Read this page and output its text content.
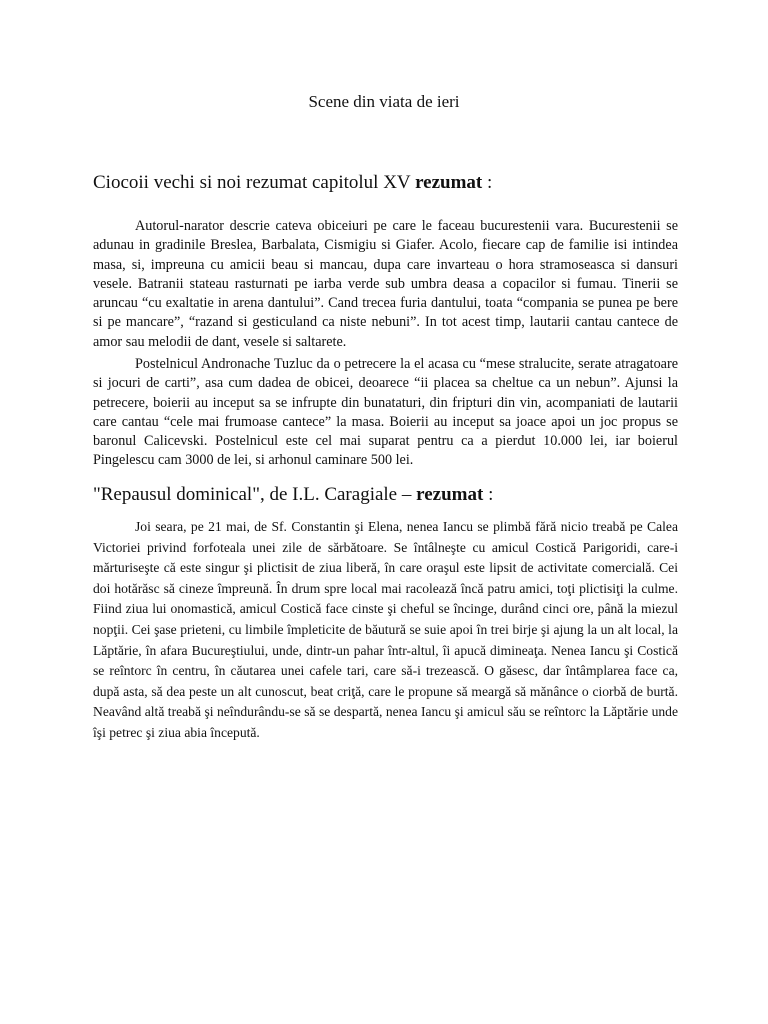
Scene din viata de ieri
Ciocoii vechi si noi rezumat capitolul XV rezumat :

Autorul-narator descrie cateva obiceiuri pe care le faceau bucurestenii vara. Bucurestenii se adunau in gradinile Breslea, Barbalata, Cismigiu si Giafer. Acolo, fiecare cap de familie isi intindea masa, si, impreuna cu amicii beau si mancau, dupa care invarteau o hora stramoseasca si dansuri vesele. Batranii stateau rasturnati pe iarba verde sub umbra deasa a copacilor si fumau. Tinerii se aruncau “cu exaltatie in arena dantului”. Cand trecea furia dantului, toata “compania se punea pe bere si pe mancare”, “razand si gesticuland ca niste nebuni”. In tot acest timp, lautarii cantau cantece de amor sau melodii de dant, vesele si saltarete.

Postelnicul Andronache Tuzluc da o petrecere la el acasa cu “mese stralucite, serate atragatoare si jocuri de carti”, asa cum dadea de obicei, deoarece “ii placea sa cheltue ca un nebun”. Ajunsi la petrecere, boierii au inceput sa se infrupte din bunataturi, din fripturi din vin, acompaniati de lautarii care cantau “cele mai frumoase cantece” la masa. Boierii au inceput sa joace apoi un joc propus se baronul Calicevski. Postelnicul este cel mai suparat pentru ca a pierdut 10.000 lei, iar boierul Pingelescu cam 3000 de lei, si arhonul caminare 500 lei.

"Repausul dominical", de I.L. Caragiale – rezumat :

Joi seara, pe 21 mai, de Sf. Constantin şi Elena, nenea Iancu se plimbă fără nicio treabă pe Calea Victoriei privind forfoteala unei zile de sărbătoare. Se întâlneşte cu amicul Costică Parigoridi, care-i mărturiseşte că este singur şi plictisit de ziua liberă, în care oraşul este lipsit de activitate comercială. Cei doi hotărăsc să cineze împreună. În drum spre local mai racolează încă patru amici, toţi plictisiţi la culme. Fiind ziua lui onomastică, amicul Costică face cinste şi cheful se încinge, durând cinci ore, până la miezul nopţii. Cei şase prieteni, cu limbile împleticite de băutură se suie apoi în trei birje şi ajung la un alt local, la Lăptărie, în afara Bucureştiului, unde, dintr-un pahar într-altul, îi apucă dimineaţa. Nenea Iancu şi Costică se reîntorc în centru, în căutarea unei cafele tari, care să-i trezească. O găsesc, dar întâmplarea face ca, după asta, să dea peste un alt cunoscut, beat criţă, care le propune să meargă să mănânce o ciorbă de burtă. Neavând altă treabă şi neîndurându-se să se despartă, nenea Iancu şi amicul său se reîntorc la Lăptărie unde îşi petrec şi ziua abia începută.
